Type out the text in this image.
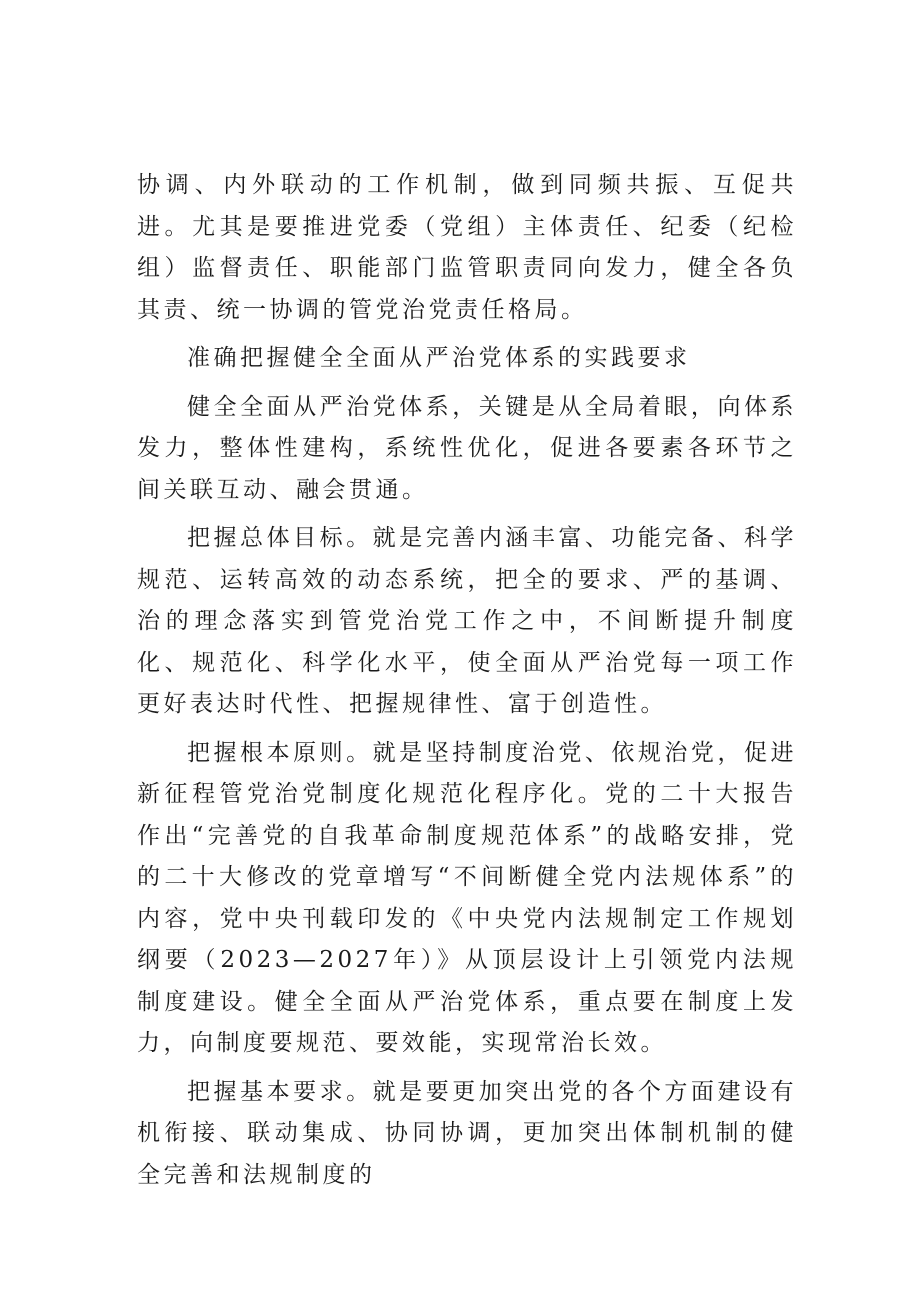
协调、内外联动的工作机制，做到同频共振、互促共进。尤其是要推进党委（党组）主体责任、纪委（纪检组）监督责任、职能部门监管职责同向发力，健全各负其责、统一协调的管党治党责任格局。

准确把握健全全面从严治党体系的实践要求

健全全面从严治党体系，关键是从全局着眼，向体系发力，整体性建构，系统性优化，促进各要素各环节之间关联互动、融会贯通。

把握总体目标。就是完善内涵丰富、功能完备、科学规范、运转高效的动态系统，把全的要求、严的基调、治的理念落实到管党治党工作之中，不间断提升制度化、规范化、科学化水平，使全面从严治党每一项工作更好表达时代性、把握规律性、富于创造性。

把握根本原则。就是坚持制度治党、依规治党，促进新征程管党治党制度化规范化程序化。党的二十大报告作出“完善党的自我革命制度规范体系”的战略安排，党的二十大修改的党章增写“不间断健全党内法规体系”的内容，党中央刊载印发的《中央党内法规制定工作规划纲要（2023—2027年）》从顶层设计上引领党内法规制度建设。健全全面从严治党体系，重点要在制度上发力，向制度要规范、要效能，实现常治长效。

把握基本要求。就是要更加突出党的各个方面建设有机衔接、联动集成、协同协调，更加突出体制机制的健全完善和法规制度的
